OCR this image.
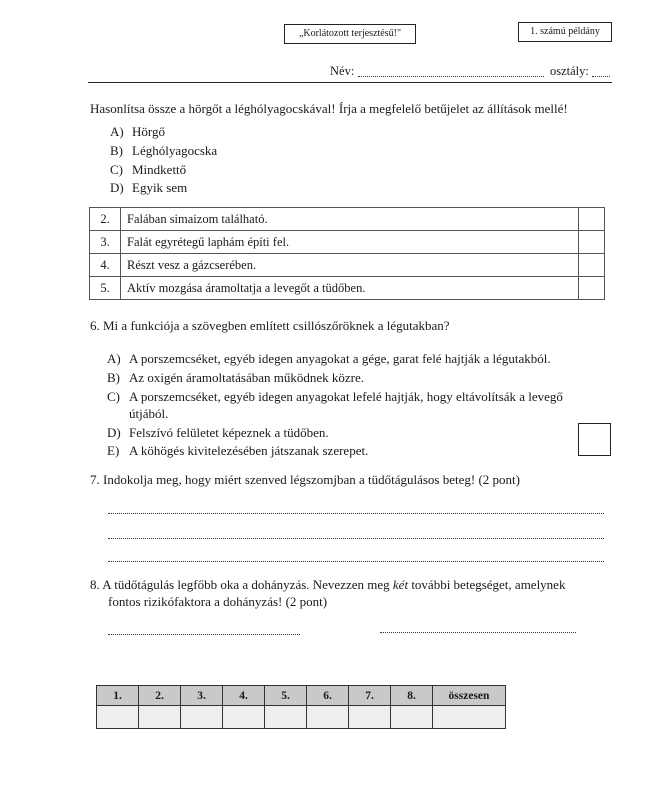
„Korlátozott terjesztésű!"	1. számú példány
Név:	osztály:
Hasonlítsa össze a hörgőt a léghólyagocskával! Írja a megfelelő betűjelet az állítások mellé!
A) Hörgő
B) Léghólyagocska
C) Mindkettő
D) Egyik sem
2.	Falában simaizom található.	
3.	Falát egyrétegű laphám építi fel.	
4.	Részt vesz a gázcserében.	
5.	Aktív mozgása áramoltatja a levegőt a tüdőben.	
6. Mi a funkciója a szövegben említett csillószőröknek a légutakban?
A) A porszemcséket, egyéb idegen anyagokat a gége, garat felé hajtják a légutakból.
B) Az oxigén áramoltatásában működnek közre.
C) A porszemcséket, egyéb idegen anyagokat lefelé hajtják, hogy eltávolítsák a levegő
útjából.
D) Felszívó felületet képeznek a tüdőben.
E) A köhögés kivitelezésében játszanak szerepet.
7. Indokolja meg, hogy miért szenved légszomjban a tüdőtágulásos beteg! (2 pont)
8. A tüdőtágulás legfőbb oka a dohányzás. Nevezzen meg két további betegséget, amelynek
fontos rizikófaktora a dohányzás! (2 pont)
1.	2.	3.	4.	5.	6.	7.	8.	összesen
